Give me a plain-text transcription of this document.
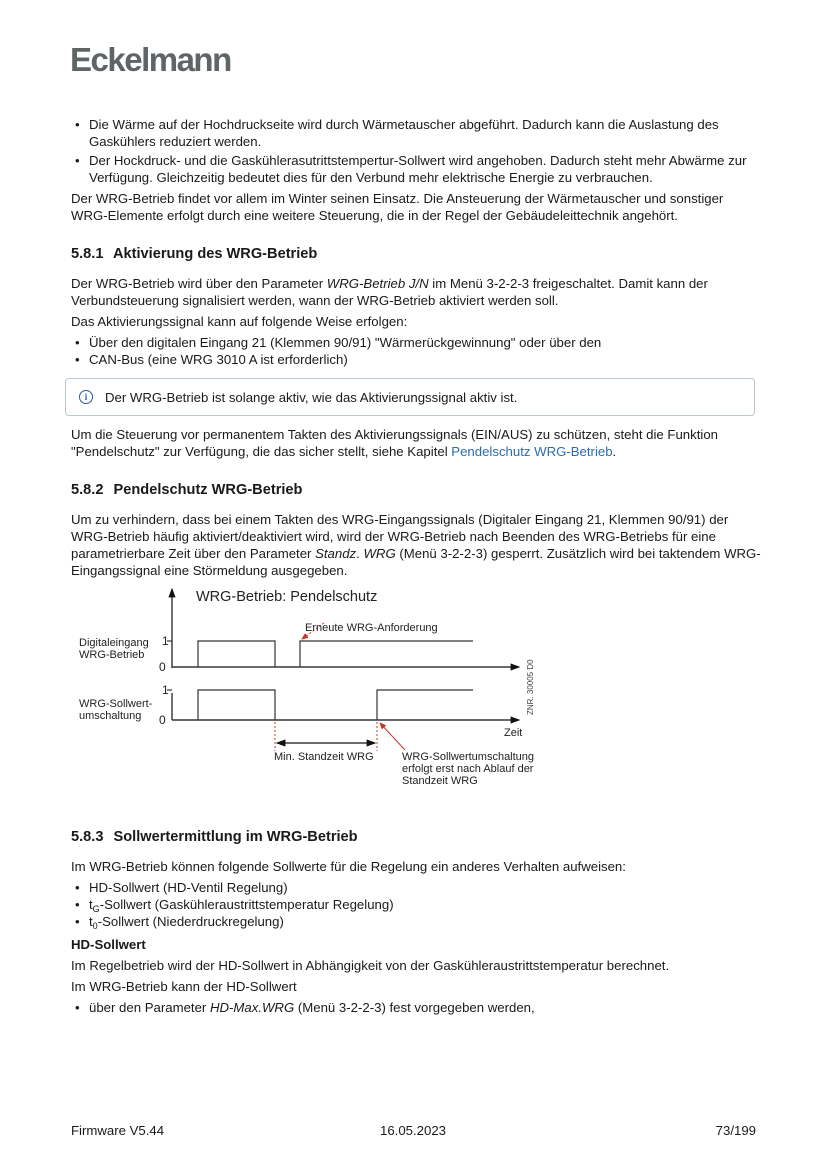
Eckelmann
• Die Wärme auf der Hochdruckseite wird durch Wärmetauscher abgeführt. Dadurch kann die Auslastung des Gaskühlers reduziert werden.
• Der Hockdruck- und die Gaskühlerasutrittstempertur-Sollwert wird angehoben. Dadurch steht mehr Abwärme zur Verfügung. Gleichzeitig bedeutet dies für den Verbund mehr elektrische Energie zu verbrauchen.

Der WRG-Betrieb findet vor allem im Winter seinen Einsatz. Die Ansteuerung der Wärmetauscher und sonstiger WRG-Elemente erfolgt durch eine weitere Steuerung, die in der Regel der Gebäudeleittechnik angehört.

5.8.1 Aktivierung des WRG-Betrieb

Der WRG-Betrieb wird über den Parameter WRG-Betrieb J/N im Menü 3-2-2-3 freigeschaltet. Damit kann der Verbundsteuerung signalisiert werden, wann der WRG-Betrieb aktiviert werden soll.

Das Aktivierungssignal kann auf folgende Weise erfolgen:

• Über den digitalen Eingang 21 (Klemmen 90/91) "Wärmerückgewinnung" oder über den
• CAN-Bus (eine WRG 3010 A ist erforderlich)
i	Der WRG-Betrieb ist solange aktiv, wie das Aktivierungssignal aktiv ist.

Um die Steuerung vor permanentem Takten des Aktivierungssignals (EIN/AUS) zu schützen, steht die Funktion "Pendelschutz" zur Verfügung, die das sicher stellt, siehe Kapitel Pendelschutz WRG-Betrieb.

5.8.2 Pendelschutz WRG-Betrieb

Um zu verhindern, dass bei einem Takten des WRG-Eingangssignals (Digitaler Eingang 21, Klemmen 90/91) der WRG-Betrieb häufig aktiviert/deaktiviert wird, wird der WRG-Betrieb nach Beenden des WRG-Betriebs für eine parametrierbare Zeit über den Parameter Standz. WRG (Menü 3-2-2-3) gesperrt. Zusätzlich wird bei taktendem WRG-Eingangssignal eine Störmeldung ausgegeben.

WRG-Betrieb: Pendelschutz
1
0
1
0
Digitaleingang
WRG-Betrieb
WRG-Sollwert-
umschaltung
Erneute WRG-Anforderung
Min. Standzeit WRG	WRG-Sollwertumschaltung
erfolgt erst nach Ablauf der
Standzeit WRG
Zeit
ZNR. 30005 D0
5.8.3 Sollwertermittlung im WRG-Betrieb

Im WRG-Betrieb können folgende Sollwerte für die Regelung ein anderes Verhalten aufweisen:

• HD-Sollwert (HD-Ventil Regelung)
• $t_G$-Sollwert (Gaskühleraustrittstemperatur Regelung)
• $t_0$-Sollwert (Niederdruckregelung)

HD-Sollwert

Im Regelbetrieb wird der HD-Sollwert in Abhängigkeit von der Gaskühleraustrittstemperatur berechnet.

Im WRG-Betrieb kann der HD-Sollwert

• über den Parameter HD-Max.WRG (Menü 3-2-2-3) fest vorgegeben werden,
Firmware V5.44	16.05.2023	73/199
